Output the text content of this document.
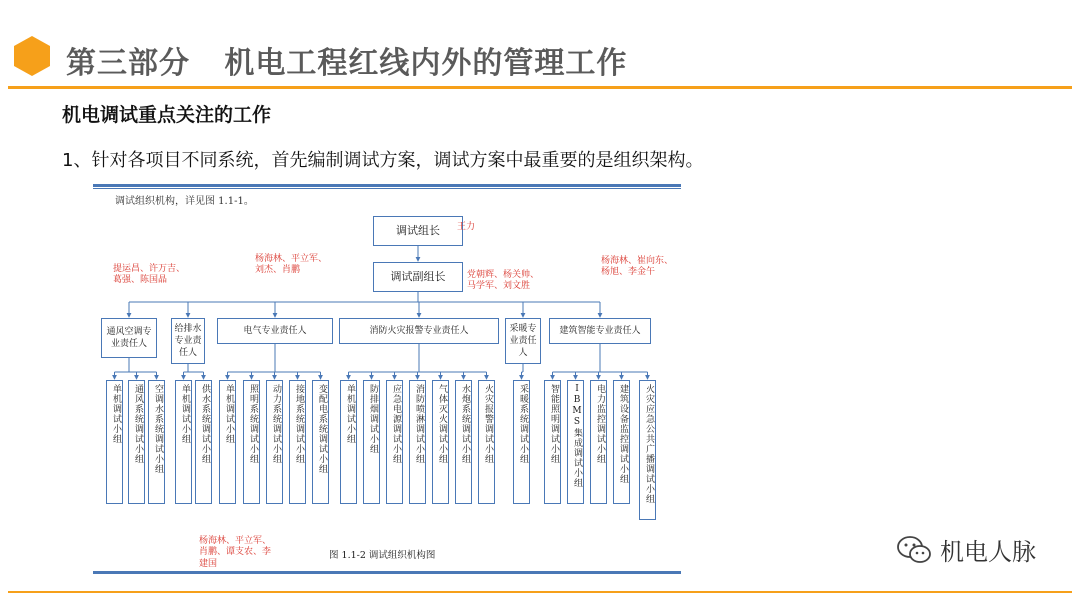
第三部分   机电工程红线内外的管理工作
机电调试重点关注的工作
1、针对各项目不同系统，首先编制调试方案，调试方案中最重要的是组织架构。
调试组织机构，详见图 1.1-1。
调试组长	王力
调试副组长
提运昌、许万吉、
葛强、陈国晶
杨海林、平立军、
刘杰、肖鹏	党朝辉、杨关帅、
马学军、刘文胜
杨海林、崔向东、
杨旭、李金午
杨海林、平立军、
肖鹏、谭支农、李
建国
通风空调专业责任人
给排水专业责任人
电气专业责任人	消防火灾报警专业责任人	采暖专业责任人
建筑智能专业责任人
单机调试小组	通风系统调试小组	空调水系统调试小组	单机调试小组	供水系统调试小组	单机调试小组	照明系统调试小组	动力系统调试小组	接地系统调试小组	变配电系统调试小组	单机调试小组	防排烟调试小组	应急电源调试小组	消防喷淋调试小组	气体灭火调试小组	水炮系统调试小组	火灾报警调试小组	采暖系统调试小组	智能照明调试小组	IBMS集成调试小组	电力监控调试小组	建筑设备监控调试小组	火灾应急公共广播调试小组
图 1.1-2 调试组织机构图	机电人脉
